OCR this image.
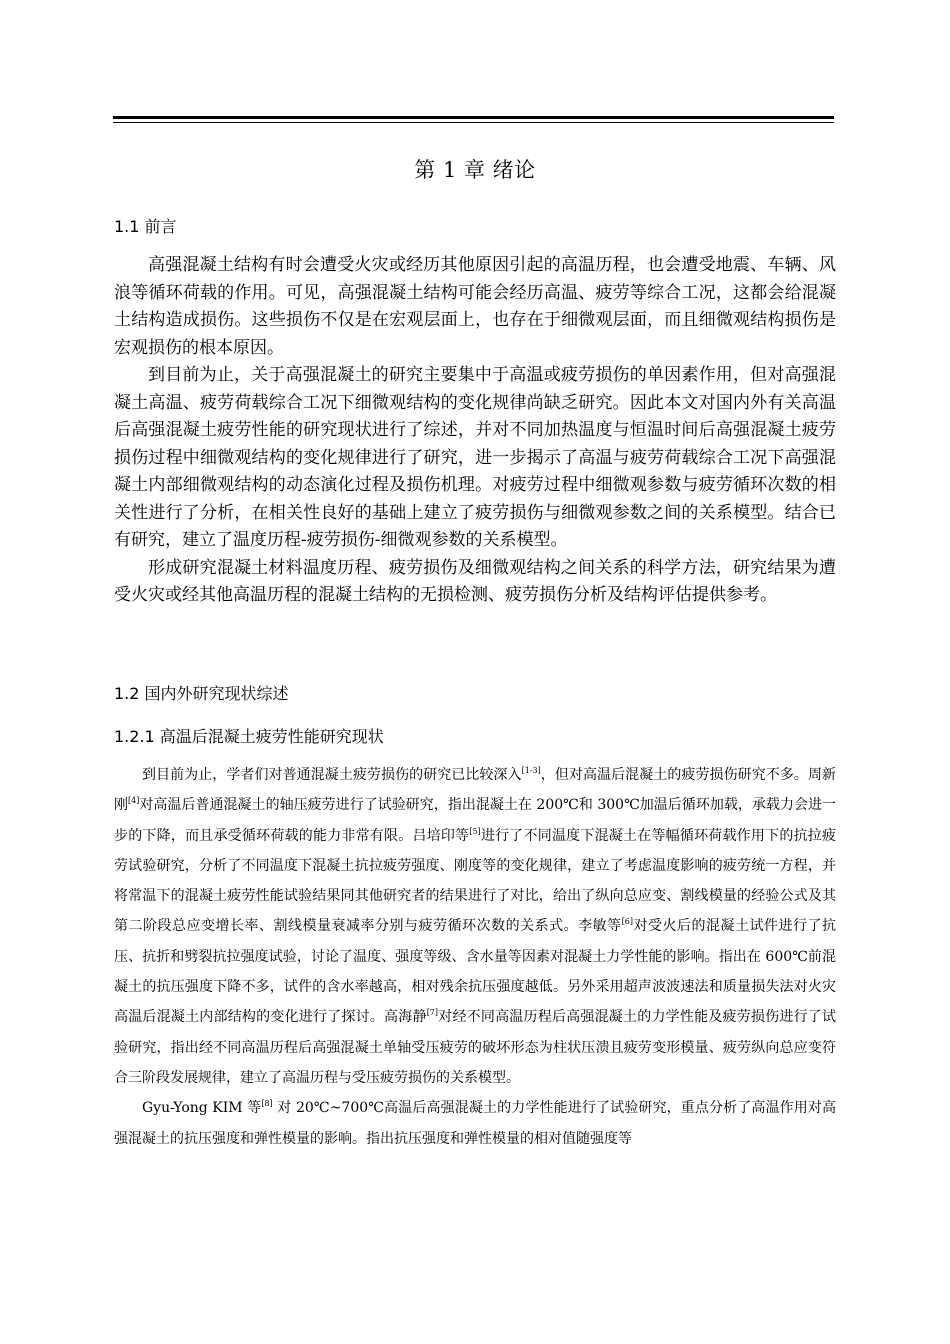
第 1 章 绪论
1.1 前言

高强混凝土结构有时会遭受火灾或经历其他原因引起的高温历程，也会遭受地震、车辆、风浪等循环荷载的作用。可见，高强混凝土结构可能会经历高温、疲劳等综合工况，这都会给混凝土结构造成损伤。这些损伤不仅是在宏观层面上，也存在于细微观层面，而且细微观结构损伤是宏观损伤的根本原因。

到目前为止，关于高强混凝土的研究主要集中于高温或疲劳损伤的单因素作用，但对高强混凝土高温、疲劳荷载综合工况下细微观结构的变化规律尚缺乏研究。因此本文对国内外有关高温后高强混凝土疲劳性能的研究现状进行了综述，并对不同加热温度与恒温时间后高强混凝土疲劳损伤过程中细微观结构的变化规律进行了研究，进一步揭示了高温与疲劳荷载综合工况下高强混凝土内部细微观结构的动态演化过程及损伤机理。对疲劳过程中细微观参数与疲劳循环次数的相关性进行了分析，在相关性良好的基础上建立了疲劳损伤与细微观参数之间的关系模型。结合已有研究，建立了温度历程-疲劳损伤-细微观参数的关系模型。

形成研究混凝土材料温度历程、疲劳损伤及细微观结构之间关系的科学方法，研究结果为遭受火灾或经其他高温历程的混凝土结构的无损检测、疲劳损伤分析及结构评估提供参考。

1.2 国内外研究现状综述
1.2.1 高温后混凝土疲劳性能研究现状

到目前为止，学者们对普通混凝土疲劳损伤的研究已比较深入[1-3]，但对高温后混凝土的疲劳损伤研究不多。周新刚[4]对高温后普通混凝土的轴压疲劳进行了试验研究，指出混凝土在 200℃和 300℃加温后循环加载，承载力会进一步的下降，而且承受循环荷载的能力非常有限。吕培印等[5]进行了不同温度下混凝土在等幅循环荷载作用下的抗拉疲劳试验研究，分析了不同温度下混凝土抗拉疲劳强度、刚度等的变化规律，建立了考虑温度影响的疲劳统一方程，并将常温下的混凝土疲劳性能试验结果同其他研究者的结果进行了对比，给出了纵向总应变、割线模量的经验公式及其第二阶段总应变增长率、割线模量衰减率分别与疲劳循环次数的关系式。李敏等[6]对受火后的混凝土试件进行了抗压、抗折和劈裂抗拉强度试验，讨论了温度、强度等级、含水量等因素对混凝土力学性能的影响。指出在 600℃前混凝土的抗压强度下降不多，试件的含水率越高，相对残余抗压强度越低。另外采用超声波波速法和质量损失法对火灾高温后混凝土内部结构的变化进行了探讨。高海静[7]对经不同高温历程后高强混凝土的力学性能及疲劳损伤进行了试验研究，指出经不同高温历程后高强混凝土单轴受压疲劳的破坏形态为柱状压溃且疲劳变形模量、疲劳纵向总应变符合三阶段发展规律，建立了高温历程与受压疲劳损伤的关系模型。

Gyu-Yong KIM 等[8] 对 20℃~700℃高温后高强混凝土的力学性能进行了试验研究，重点分析了高温作用对高强混凝土的抗压强度和弹性模量的影响。指出抗压强度和弹性模量的相对值随强度等
